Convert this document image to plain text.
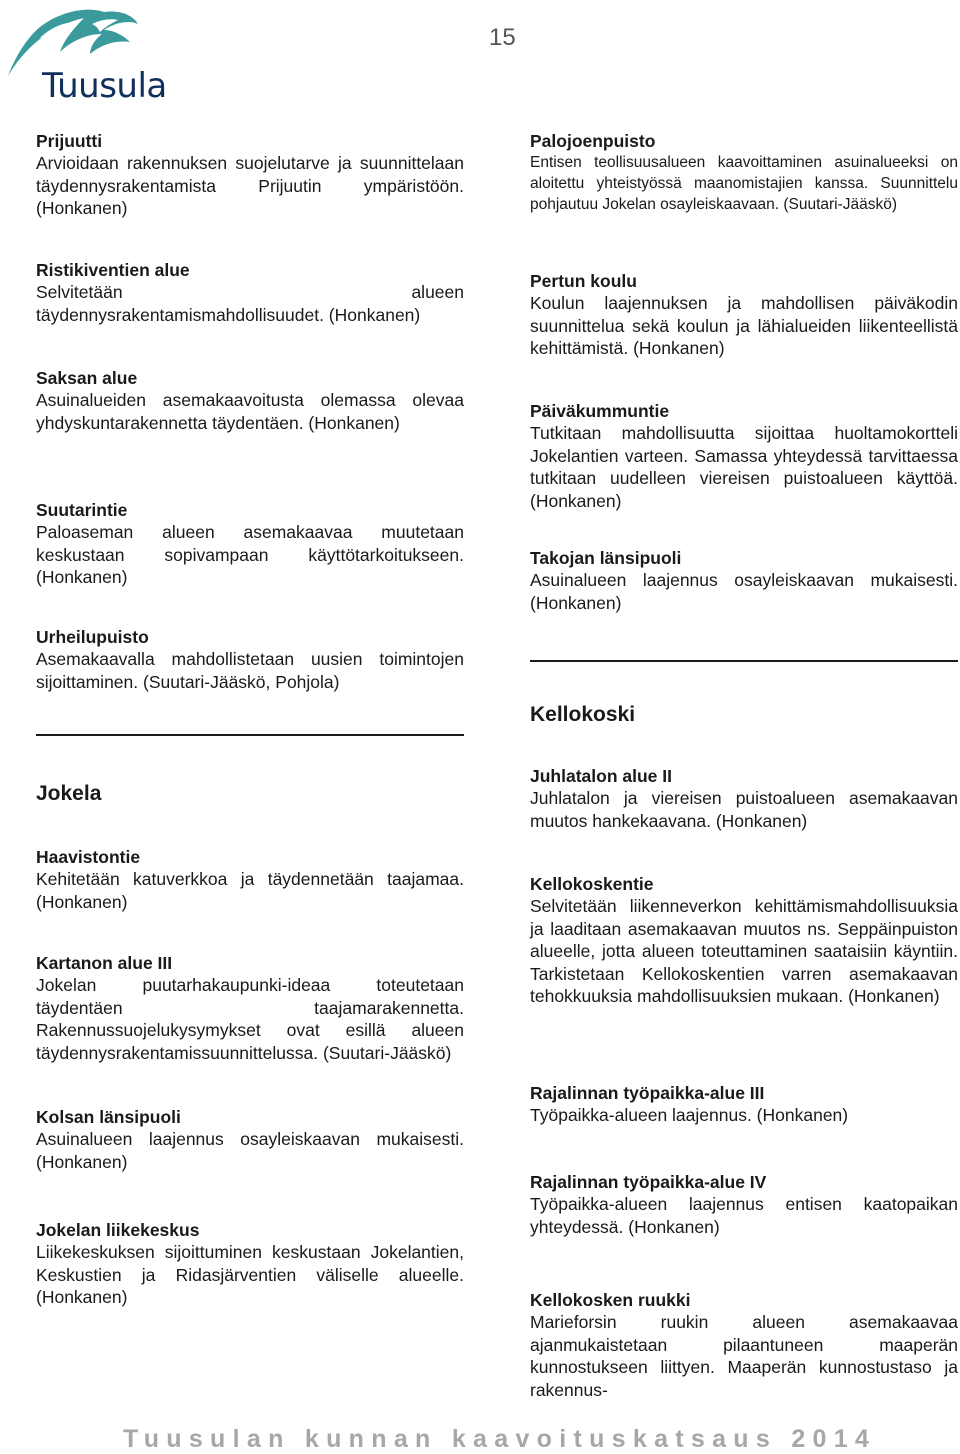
Tuusula
15

Prijuutti

Arvioidaan rakennuksen suojelutarve ja suunnittelaan täydennysrakentamista Prijuutin ympäristöön. (Honkanen)

Ristikiventien alue

Selvitetään alueen täydennysrakentamismahdollisuudet. (Honkanen)

Saksan alue

Asuinalueiden asemakaavoitusta olemassa olevaa yhdyskuntarakennetta täydentäen. (Honkanen)

Suutarintie

Paloaseman alueen asemakaavaa muutetaan keskustaan sopivampaan käyttötarkoitukseen. (Honkanen)

Urheilupuisto

Asemakaavalla mahdollistetaan uusien toimintojen sijoittaminen. (Suutari-Jääskö, Pohjola)

Jokela

Haavistontie

Kehitetään katuverkkoa ja täydennetään taajamaa. (Honkanen)

Kartanon alue III

Jokelan puutarhakaupunki-ideaa toteutetaan täydentäen taajamarakennetta. Rakennussuojelukysymykset ovat esillä alueen täydennysrakentamissuunnittelussa. (Suutari-Jääskö)

Kolsan länsipuoli

Asuinalueen laajennus osayleiskaavan mukaisesti. (Honkanen)

Jokelan liikekeskus

Liikekeskuksen sijoittuminen keskustaan Jokelantien, Keskustien ja Ridasjärventien väliselle alueelle. (Honkanen)

Palojoenpuisto

Entisen teollisuusalueen kaavoittaminen asuinalueeksi on aloitettu yhteistyössä maanomistajien kanssa. Suunnittelu pohjautuu Jokelan osayleiskaavaan. (Suutari-Jääskö)

Pertun koulu

Koulun laajennuksen ja mahdollisen päiväkodin suunnittelua sekä koulun ja lähialueiden liikenteellistä kehittämistä. (Honkanen)

Päiväkummuntie

Tutkitaan mahdollisuutta sijoittaa huoltamokortteli Jokelantien varteen. Samassa yhteydessä tarvittaessa tutkitaan uudelleen viereisen puistoalueen käyttöä. (Honkanen)

Takojan länsipuoli

Asuinalueen laajennus osayleiskaavan mukaisesti. (Honkanen)

Kellokoski

Juhlatalon alue II

Juhlatalon ja viereisen puistoalueen asemakaavan muutos hankekaavana. (Honkanen)

Kellokoskentie

Selvitetään liikenneverkon kehittämismahdollisuuksia ja laaditaan asemakaavan muutos ns. Seppäinpuiston alueelle, jotta alueen toteuttaminen saataisiin käyntiin. Tarkistetaan Kellokoskentien varren asemakaavan tehokkuuksia mahdollisuuksien mukaan. (Honkanen)

Rajalinnan työpaikka-alue III

Työpaikka-alueen laajennus. (Honkanen)

Rajalinnan työpaikka-alue IV

Työpaikka-alueen laajennus entisen kaatopaikan yhteydessä. (Honkanen)

Kellokosken ruukki

Marieforsin ruukin alueen asemakaavaa ajanmukaistetaan pilaantuneen maaperän kunnostukseen liittyen. Maaperän kunnostustaso ja rakennus-

Tuusulan kunnan kaavoituskatsaus 2014
